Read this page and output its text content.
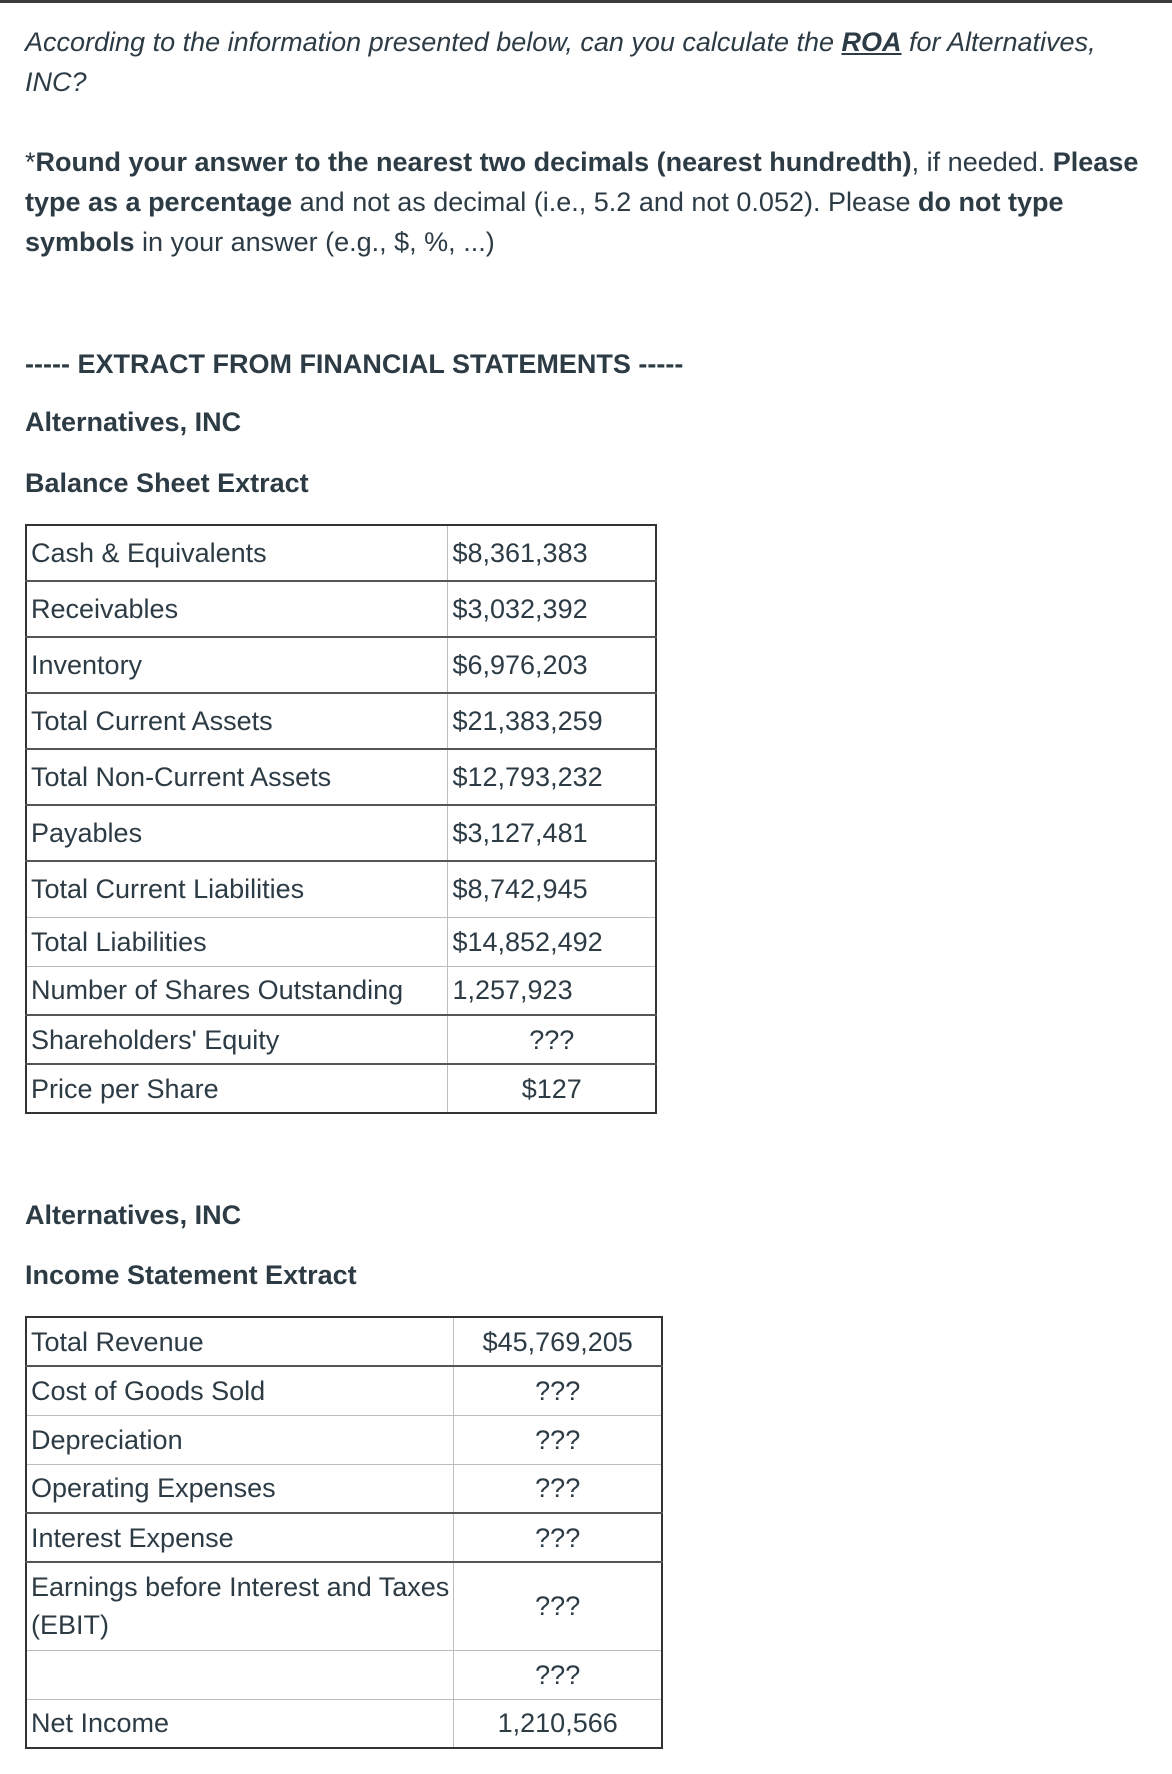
According to the information presented below, can you calculate the ROA for Alternatives, INC?

*Round your answer to the nearest two decimals (nearest hundredth), if needed. Please type as a percentage and not as decimal (i.e., 5.2 and not 0.052). Please do not type symbols in your answer (e.g., $, %, ...)

----- EXTRACT FROM FINANCIAL STATEMENTS -----

Alternatives, INC

Balance Sheet Extract

Cash & Equivalents	$8,361,383
Receivables	$3,032,392
Inventory	$6,976,203
Total Current Assets	$21,383,259
Total Non-Current Assets	$12,793,232
Payables	$3,127,481
Total Current Liabilities	$8,742,945
Total Liabilities	$14,852,492
Number of Shares Outstanding	1,257,923
Shareholders' Equity	???
Price per Share	$127

Alternatives, INC

Income Statement Extract

Total Revenue	$45,769,205
Cost of Goods Sold	???
Depreciation	???
Operating Expenses	???
Interest Expense	???
Earnings before Interest and Taxes (EBIT)	???
	???
Net Income	1,210,566
